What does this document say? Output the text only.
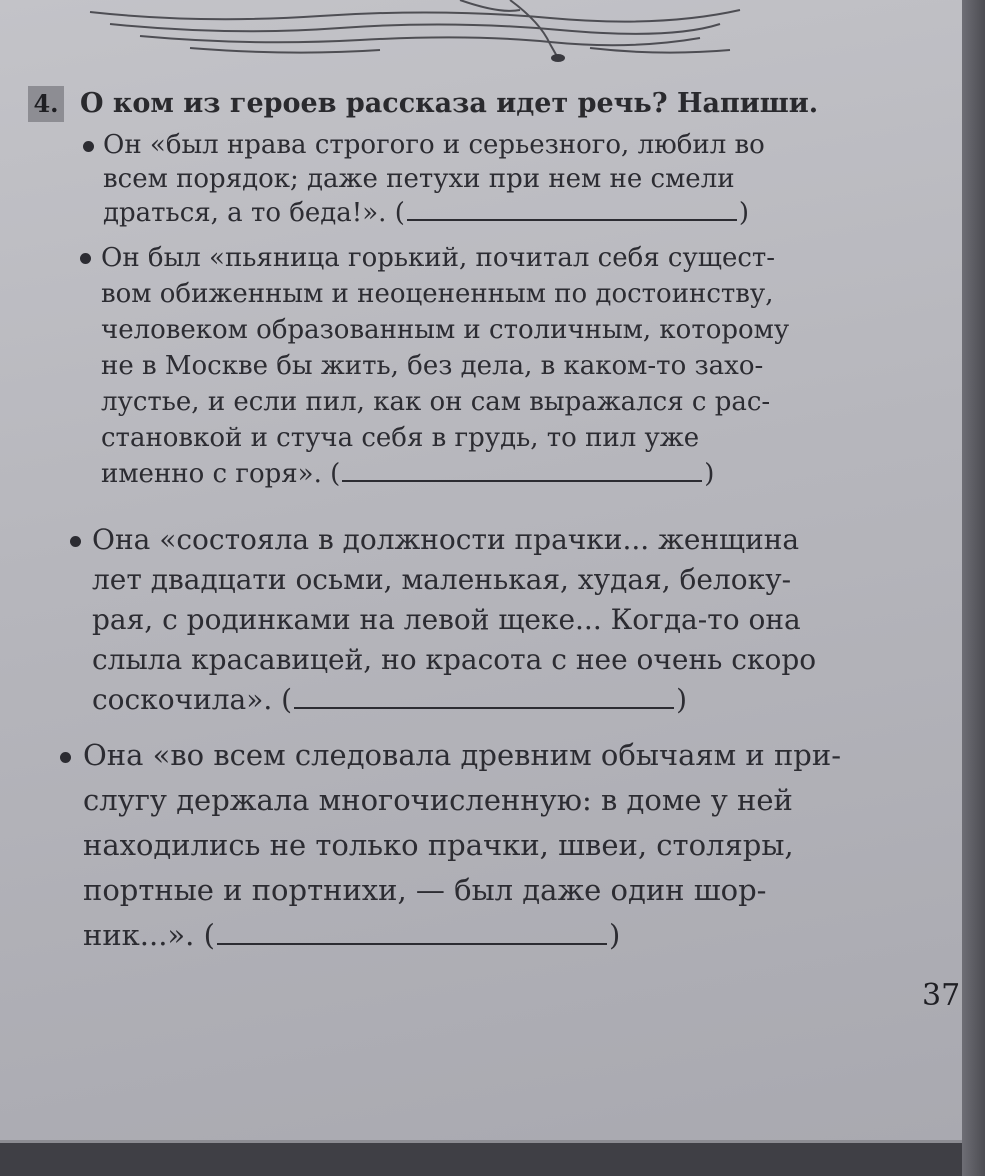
4. О ком из героев рассказа идет речь? Напиши.
Он «был нрава строгого и серьезного, любил во
всем порядок; даже петухи при нем не смели
драться, а то беда!». (	)
Он был «пьяница горький, почитал себя сущест-
вом обиженным и неоцененным по достоинству,
человеком образованным и столичным, которому
не в Москве бы жить, без дела, в каком-то захо-
лустье, и если пил, как он сам выражался с рас-
становкой и стуча себя в грудь, то пил уже
именно с горя». (	)
Она «состояла в должности прачки... женщина
лет двадцати осьми, маленькая, худая, белоку-
рая, с родинками на левой щеке... Когда-то она
слыла красавицей, но красота с нее очень скоро
соскочила». (	)
Она «во всем следовала древним обычаям и при-
слугу держала многочисленную: в доме у ней
находились не только прачки, швеи, столяры,
портные и портнихи, — был даже один шор-
ник...». (	)
37
